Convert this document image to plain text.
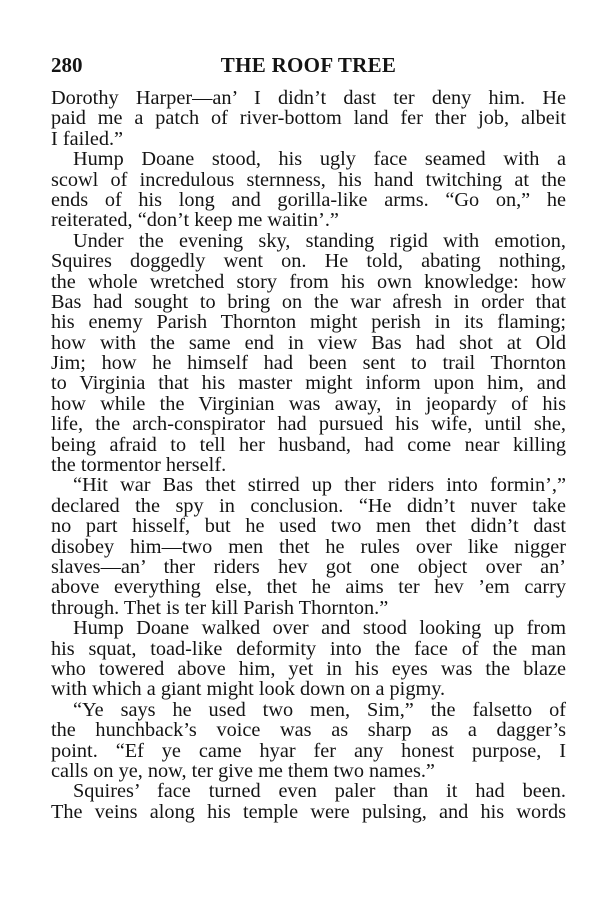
280	THE ROOF TREE
Dorothy Harper—an’ I didn’t dast ter deny him. He
paid me a patch of river-bottom land fer ther job, albeit
I failed.”
Hump Doane stood, his ugly face seamed with a
scowl of incredulous sternness, his hand twitching at the
ends of his long and gorilla-like arms. “Go on,” he
reiterated, “don’t keep me waitin’.”
Under the evening sky, standing rigid with emotion,
Squires doggedly went on. He told, abating nothing,
the whole wretched story from his own knowledge: how
Bas had sought to bring on the war afresh in order that
his enemy Parish Thornton might perish in its flaming;
how with the same end in view Bas had shot at Old
Jim; how he himself had been sent to trail Thornton
to Virginia that his master might inform upon him, and
how while the Virginian was away, in jeopardy of his
life, the arch-conspirator had pursued his wife, until she,
being afraid to tell her husband, had come near killing
the tormentor herself.
“Hit war Bas thet stirred up ther riders into formin’,”
declared the spy in conclusion. “He didn’t nuver take
no part hisself, but he used two men thet didn’t dast
disobey him—two men thet he rules over like nigger
slaves—an’ ther riders hev got one object over an’
above everything else, thet he aims ter hev ’em carry
through. Thet is ter kill Parish Thornton.”
Hump Doane walked over and stood looking up from
his squat, toad-like deformity into the face of the man
who towered above him, yet in his eyes was the blaze
with which a giant might look down on a pigmy.
“Ye says he used two men, Sim,” the falsetto of
the hunchback’s voice was as sharp as a dagger’s
point. “Ef ye came hyar fer any honest purpose, I
calls on ye, now, ter give me them two names.”
Squires’ face turned even paler than it had been.
The veins along his temple were pulsing, and his words
